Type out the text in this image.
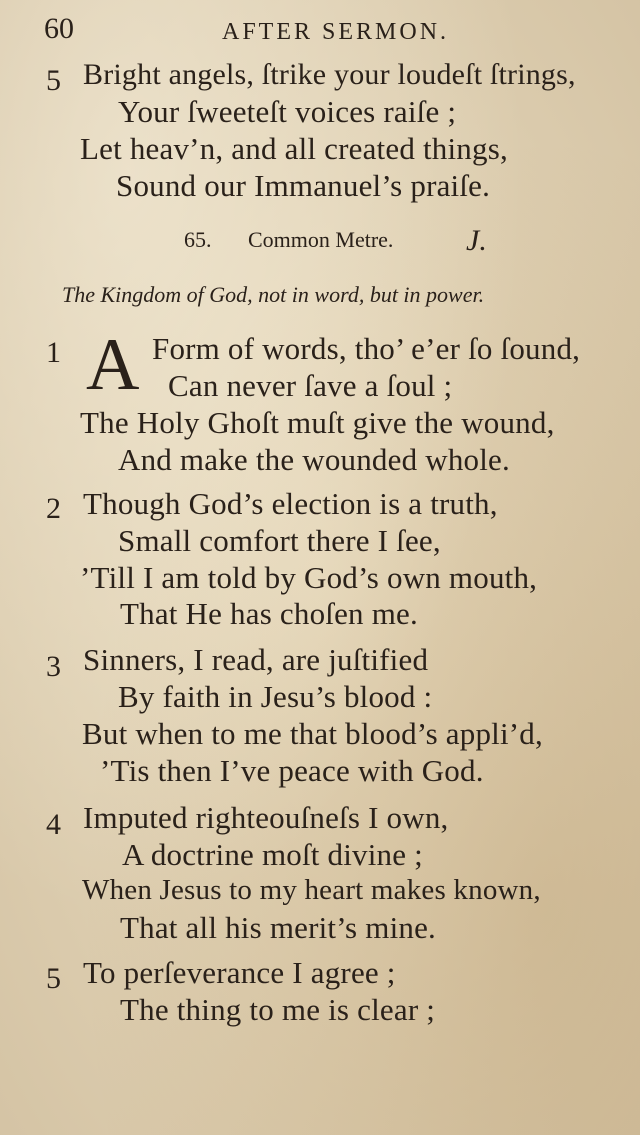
60	AFTER SERMON.
5 Bright angels, ſtrike your loudeſt ſtrings,
Your ſweeteſt voices raiſe ;
Let heav’n, and all created things,
Sound our Immanuel’s praiſe.
65. Common Metre. J.
The Kingdom of God, not in word, but in power.
1 A Form of words, tho’ e’er ſo ſound,
Can never ſave a ſoul ;
The Holy Ghoſt muſt give the wound,
And make the wounded whole.
2 Though God’s election is a truth,
Small comfort there I ſee,
’Till I am told by God’s own mouth,
That He has choſen me.
3 Sinners, I read, are juſtified
By faith in Jesu’s blood :
But when to me that blood’s appli’d,
’Tis then I’ve peace with God.
4 Imputed righteouſneſs I own,
A doctrine moſt divine ;
When Jesus to my heart makes known,
That all his merit’s mine.
5 To perſeverance I agree ;
The thing to me is clear ;
